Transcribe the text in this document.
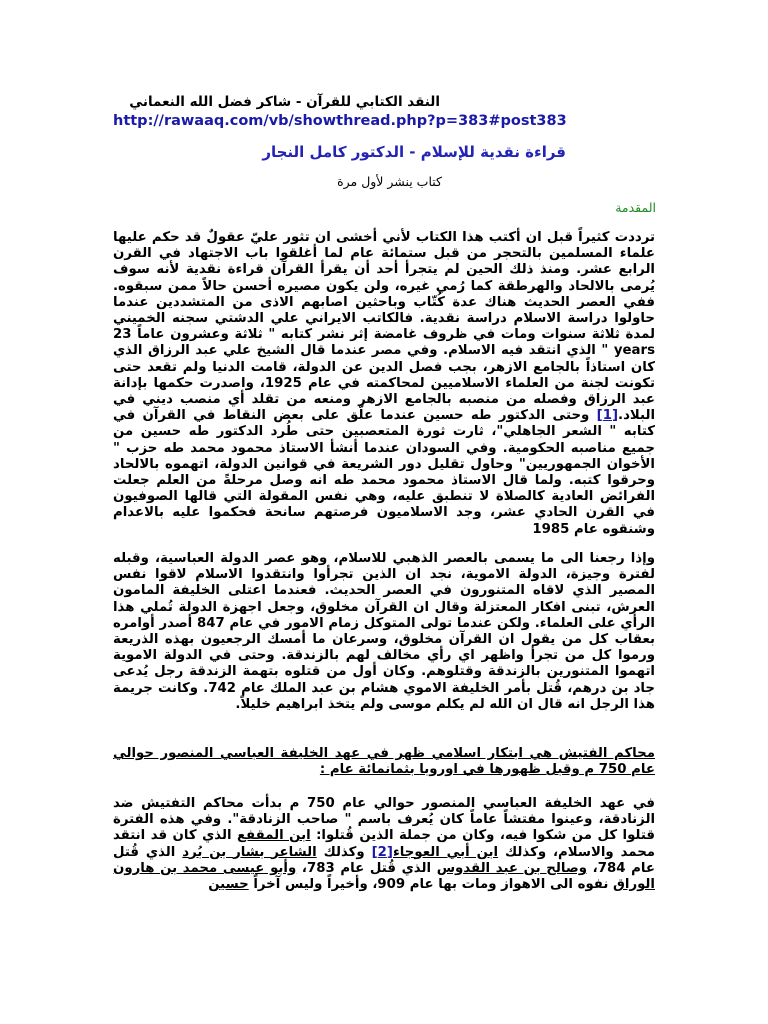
النقد الكتابي للقرآن - شاكر فضل الله النعماني
http://rawaaq.com/vb/showthread.php?p=383#post383
قراءة نقدية للإسلام - الدكتور كامل النجار
كتاب ينشر لأول مرة
المقدمة
ترددت كثيراً قبل ان أكتب هذا الكتاب لأني أخشى ان تثور عليّ عقولٌ قد حكم عليها علماء المسلمين بالتحجر من قبل ستمائة عام لما أغلقوا باب الاجتهاد في القرن الرابع عشر. ومنذ ذلك الحين لم يتجرأ أحد أن يقرأ القرآن قراءة نقدية لأنه سوف يُرمى بالالحاد والهرطقة كما رُمي غيره، ولن يكون مصيره أحسن حالاً ممن سبقوه. ففي العصر الحديث هناك عدة كُتّاب وباحثين اصابهم الاذى من المتشددين عندما حاولوا دراسة الاسلام دراسة نقدية. فالكاتب الايراني علي الدشتي سجنه الخميني لمدة ثلاثة سنوات ومات في ظروف غامضة إثر نشر كتابه " ثلاثة وعشرون عاماً 23 years " الذي انتقد فيه الاسلام. وفي مصر عندما قال الشيخ علي عبد الرزاق الذي كان استاذاً بالجامع الازهر، بجب فصل الدين عن الدولة، قامت الدنيا ولم تقعد حتى تكونت لجنة من العلماء الاسلاميين لمحاكمته في عام 1925، واصدرت حكمها بإدانة عبد الرزاق وفصله من منصبه بالجامع الازهر ومنعه من تقلد أي منصب ديني في البلاد.[1] وحتى الدكتور طه حسين عندما علّق على بعض النقاط في القرآن في كتابه " الشعر الجاهلي"، ثارت ثورة المتعصبين حتى طُرد الدكتور طه حسين من جميع مناصبه الحكومية. وفي السودان عندما أنشأ الاستاذ محمود محمد طه حزب " الأخوان الجمهوريين" وحاول تقليل دور الشريعة في قوانين الدولة، اتهموه بالالحاد وحرقوا كتبه. ولما قال الاستاذ محمود محمد طه انه وصل مرحلةً من العلم جعلت الفرائض العادية كالصلاة لا تنطبق عليه، وهي نفس المقولة التي قالها الصوفيون في القرن الحادي عشر، وجد الاسلاميون فرصتهم سانحة فحكموا عليه بالاعدام وشنقوه عام 1985
وإذا رجعنا الى ما يسمى بالعصر الذهبي للاسلام، وهو عصر الدولة العباسية، وقبله لفترة وجيزة، الدولة الاموية، نجد ان الذين تجرأوا وانتقدوا الاسلام لاقوا نفس المصير الذي لاقاه المتنورون في العصر الحديث. فعندما اعتلى الخليفة المامون العرش، تبنى افكار المعتزلة وقال ان القرآن مخلوق، وجعل اجهزة الدولة تُملي هذا الرأي على العلماء. ولكن عندما تولى المتوكل زمام الامور في عام 847 أصدر أوامره بعقاب كل من يقول ان القرآن مخلوق، وسرعان ما أمسك الرجعيون بهذه الذريعة ورموا كل من تجرأ واظهر اي رأي مخالف لهم بالزندقة. وحتى في الدولة الاموية اتهموا المتنورين بالزندقة وقتلوهم. وكان أول من قتلوه بتهمة الزندقة رجل يُدعى جاد بن درهم، قُتل بأمر الخليفة الاموي هشام بن عبد الملك عام 742. وكانت جريمة هذا الرجل انه قال ان الله لم يكلم موسى ولم يتخذ ابراهيم خليلاً.
محاكم الفتيش هي ابتكار اسلامي ظهر في عهد الخليفة العباسي المنصور حوالي عام 750 م وقبل ظهورها في اوروبا بثمانمائة عام :
في عهد الخليفة العباسي المنصور حوالي عام 750 م بدأت محاكم التفتيش ضد الزنادقة، وعينوا مفتشاً عاماً كان يُعرف باسم " صاحب الزنادقة". وفي هذه الفترة قتلوا كل من شكوا فيه، وكان من جملة الذين قُتلوا: ابن المقفع الذي كان قد انتقد محمد والاسلام، وكذلك ابن أبي العوجاء[2] وكذلك الشاعر بشار بن بُرد الذي قُتل عام 784، وصالح بن عبد القدوس الذي قُتل عام 783، وأبو عيسى محمد بن هارون الوراق نفوه الى الاهواز ومات بها عام 909، وأخيراً وليس آخراً حسين
